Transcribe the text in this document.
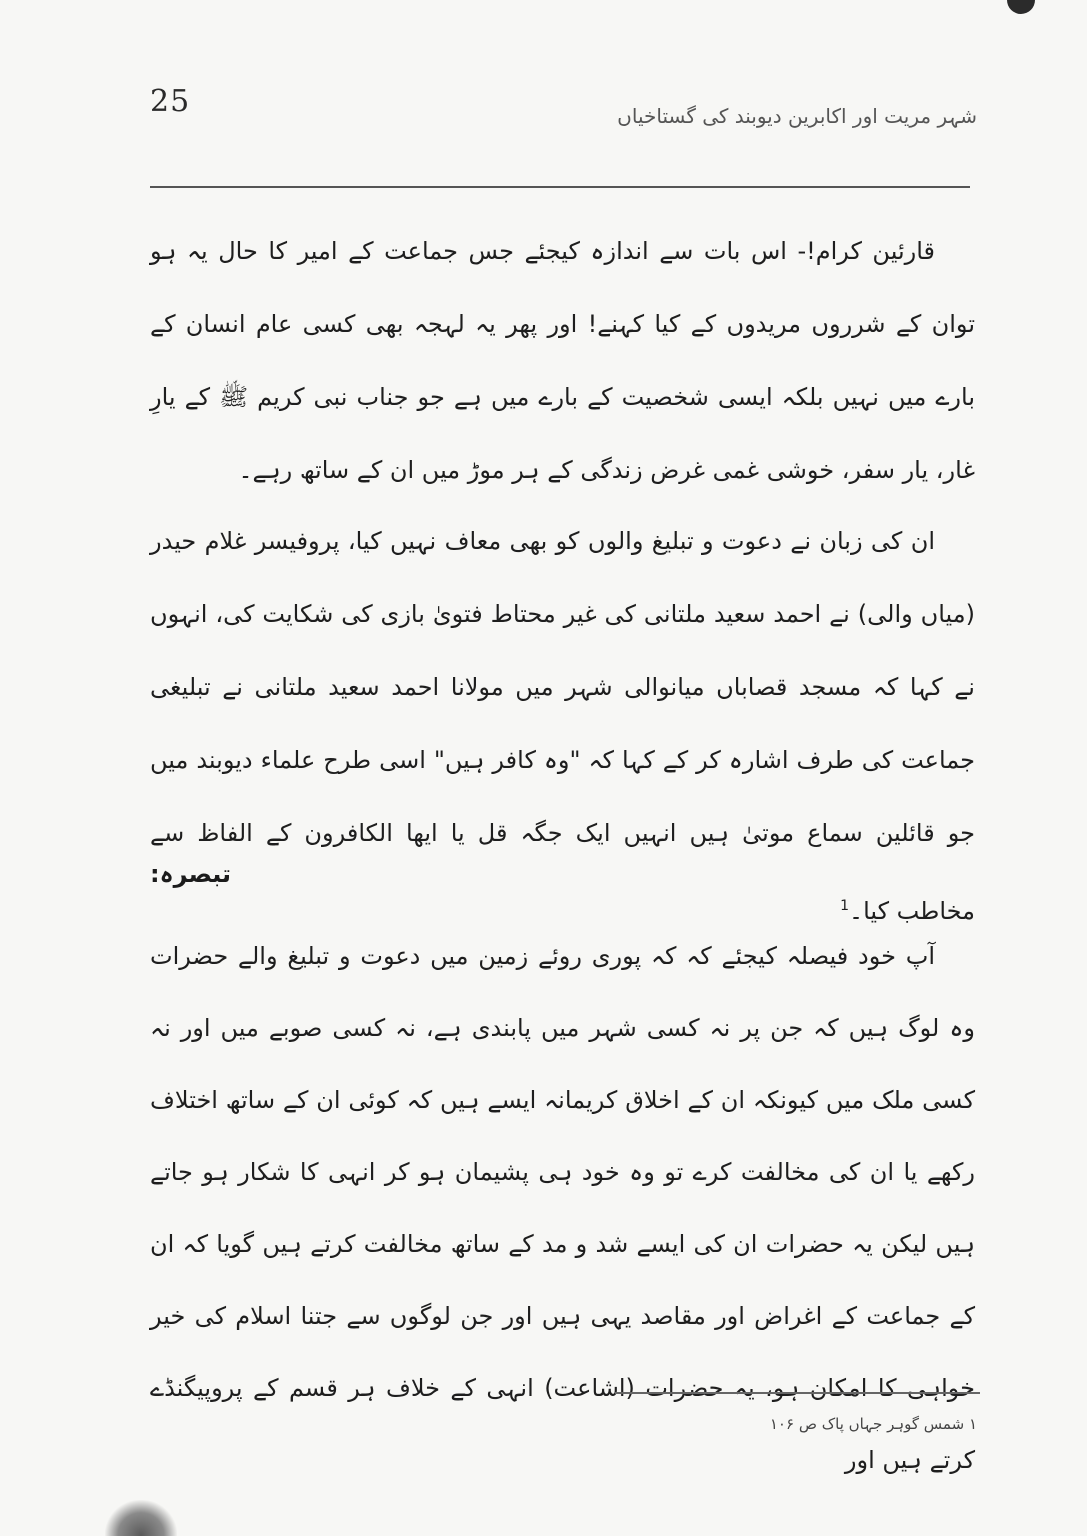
25	شہر مریت اور اکابرین دیوبند کی گستاخیاں
قارئین کرام!- اس بات سے اندازہ کیجئے جس جماعت کے امیر کا حال یہ ہو توان کے شرروں مریدوں کے کیا کہنے! اور پھر یہ لہجہ بھی کسی عام انسان کے بارے میں نہیں بلکہ ایسی شخصیت کے بارے میں ہے جو جناب نبی کریم ﷺ کے یارِ غار، یار سفر، خوشی غمی غرض زندگی کے ہر موڑ میں ان کے ساتھ رہے۔
ان کی زبان نے دعوت و تبلیغ والوں کو بھی معاف نہیں کیا، پروفیسر غلام حیدر (میاں والی) نے احمد سعید ملتانی کی غیر محتاط فتویٰ بازی کی شکایت کی، انہوں نے کہا کہ مسجد قصاباں میانوالی شہر میں مولانا احمد سعید ملتانی نے تبلیغی جماعت کی طرف اشارہ کر کے کہا کہ "وہ کافر ہیں" اسی طرح علماء دیوبند میں جو قائلین سماع موتیٰ ہیں انہیں ایک جگہ قل یا ایھا الکافرون کے الفاظ سے مخاطب کیا۔$^1$
تبصرہ:
آپ خود فیصلہ کیجئے کہ کہ پوری روئے زمین میں دعوت و تبلیغ والے حضرات وہ لوگ ہیں کہ جن پر نہ کسی شہر میں پابندی ہے، نہ کسی صوبے میں اور نہ کسی ملک میں کیونکہ ان کے اخلاق کریمانہ ایسے ہیں کہ کوئی ان کے ساتھ اختلاف رکھے یا ان کی مخالفت کرے تو وہ خود ہی پشیمان ہو کر انہی کا شکار ہو جاتے ہیں لیکن یہ حضرات ان کی ایسے شد و مد کے ساتھ مخالفت کرتے ہیں گویا کہ ان کے جماعت کے اغراض اور مقاصد یہی ہیں اور جن لوگوں سے جتنا اسلام کی خیر خواہی کا امکان ہو، یہ حضرات (اشاعت) انہی کے خلاف ہر قسم کے پروپیگنڈے کرتے ہیں اور
۱ شمس گوہر جہاں پاک ص ۱۰۶
